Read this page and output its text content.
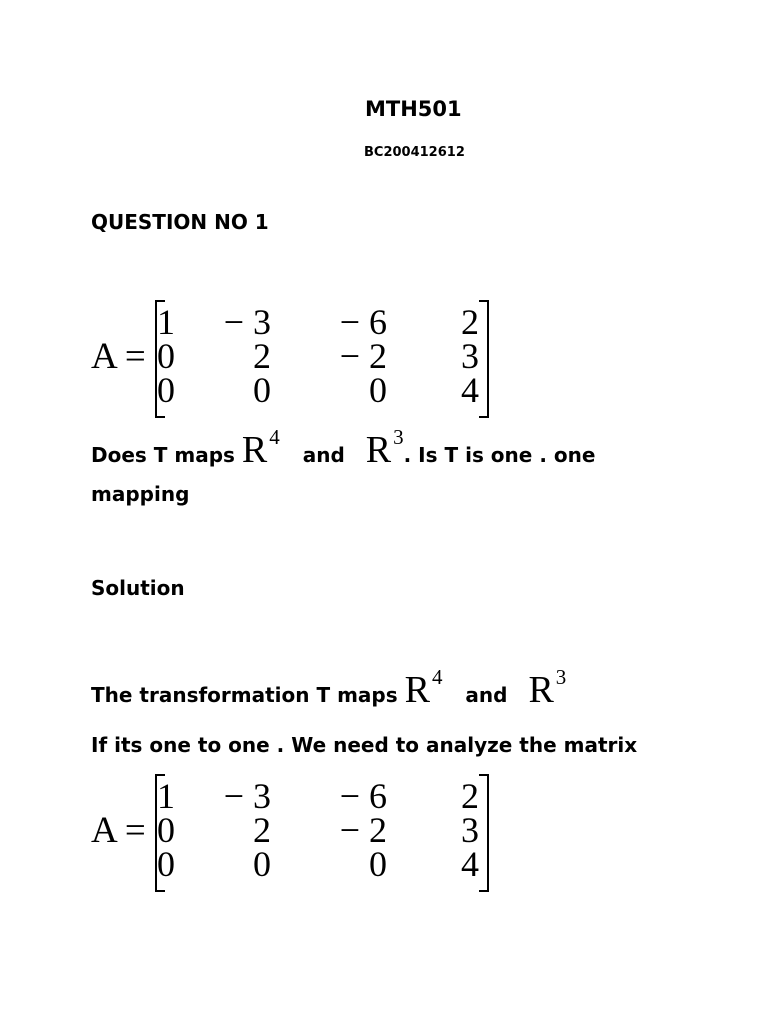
MTH501
BC200412612
QUESTION NO 1
A =
1	− 3	− 6	2
0	2	− 2	3
0	0	0	4
Does T maps $R^4$ and $R^3$. Is T is one . one
mapping
Solution
The transformation T maps $R^4$ and $R^3$
If its one to one . We need to analyze the matrix
A =
1	− 3	− 6	2
0	2	− 2	3
0	0	0	4
